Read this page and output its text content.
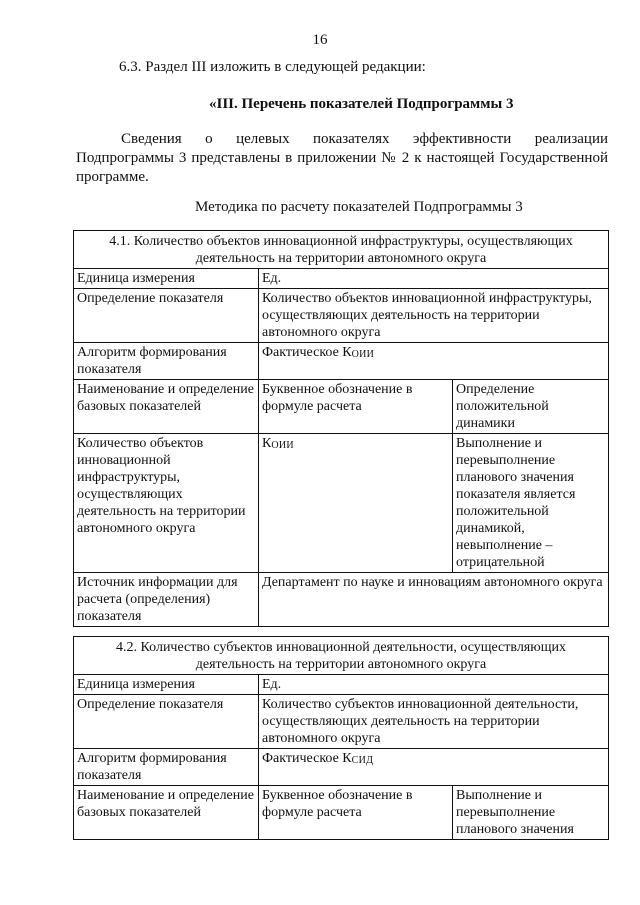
16
6.3. Раздел III изложить в следующей редакции:
«III. Перечень показателей Подпрограммы 3
Сведения о целевых показателях эффективности реализации
Подпрограммы 3 представлены в приложении № 2 к настоящей Государственной
программе.
Методика по расчету показателей Подпрограммы 3
4.1. Количество объектов инновационной инфраструктуры, осуществляющих
деятельность на территории автономного округа		

Единица измерения	Ед.	
Определение показателя	Количество объектов инновационной инфраструктуры, осуществляющих деятельность на территории автономного округа	
Алгоритм формирования показателя	Фактическое КОИИ	
Наименование и определение базовых показателей	Буквенное обозначение в формуле расчета	Определение положительной динамики
Количество объектов инновационной инфраструктуры, осуществляющих деятельность на территории автономного округа	КОИИ	Выполнение и перевыполнение планового значения показателя является положительной динамикой, невыполнение – отрицательной
Источник информации для расчета (определения) показателя	Департамент по науке и инновациям автономного округа	
4.2. Количество субъектов инновационной деятельности, осуществляющих
деятельность на территории автономного округа		

Единица измерения	Ед.	
Определение показателя	Количество субъектов инновационной деятельности, осуществляющих деятельность на территории автономного округа	
Алгоритм формирования показателя	Фактическое КСИД	
Наименование и определение базовых показателей	Буквенное обозначение в формуле расчета	Выполнение и перевыполнение планового значения
